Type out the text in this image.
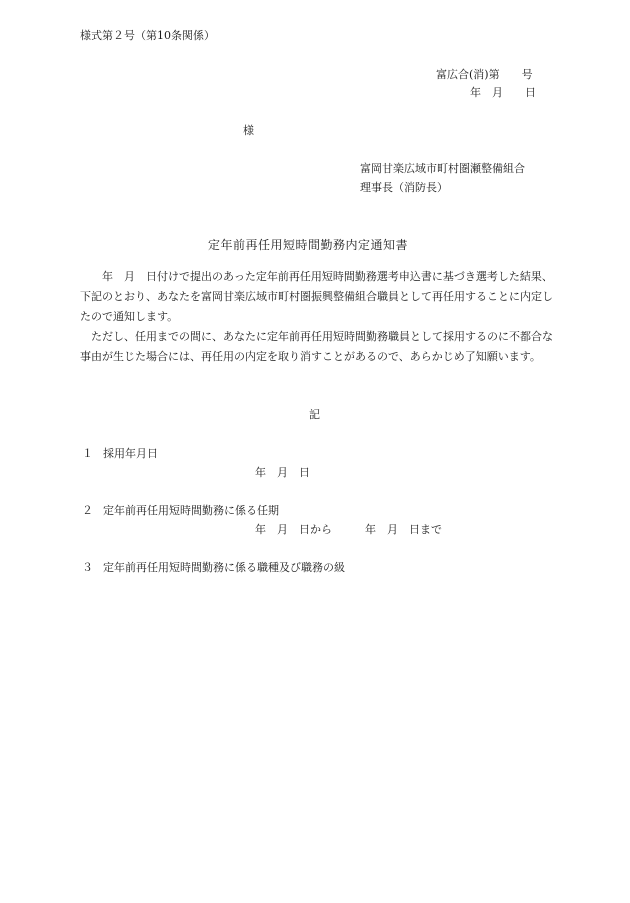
様式第２号（第10条関係）
富広合(消)第　　号
年　月　　日
様
富岡甘楽広域市町村圏瀬整備組合
理事長（消防長）
定年前再任用短時間勤務内定通知書

　　年　月　日付けで提出のあった定年前再任用短時間勤務選考申込書に基づき選考した結果、下記のとおり、あなたを富岡甘楽広域市町村圏振興整備組合職員として再任用することに内定したので通知します。

　ただし、任用までの間に、あなたに定年前再任用短時間勤務職員として採用するのに不都合な事由が生じた場合には、再任用の内定を取り消すことがあるので、あらかじめ了知願います。

記
１ 採用年月日
年　月　日
２ 定年前再任用短時間勤務に係る任期
年　月　日から　　　年　月　日まで
３ 定年前再任用短時間勤務に係る職種及び職務の級
